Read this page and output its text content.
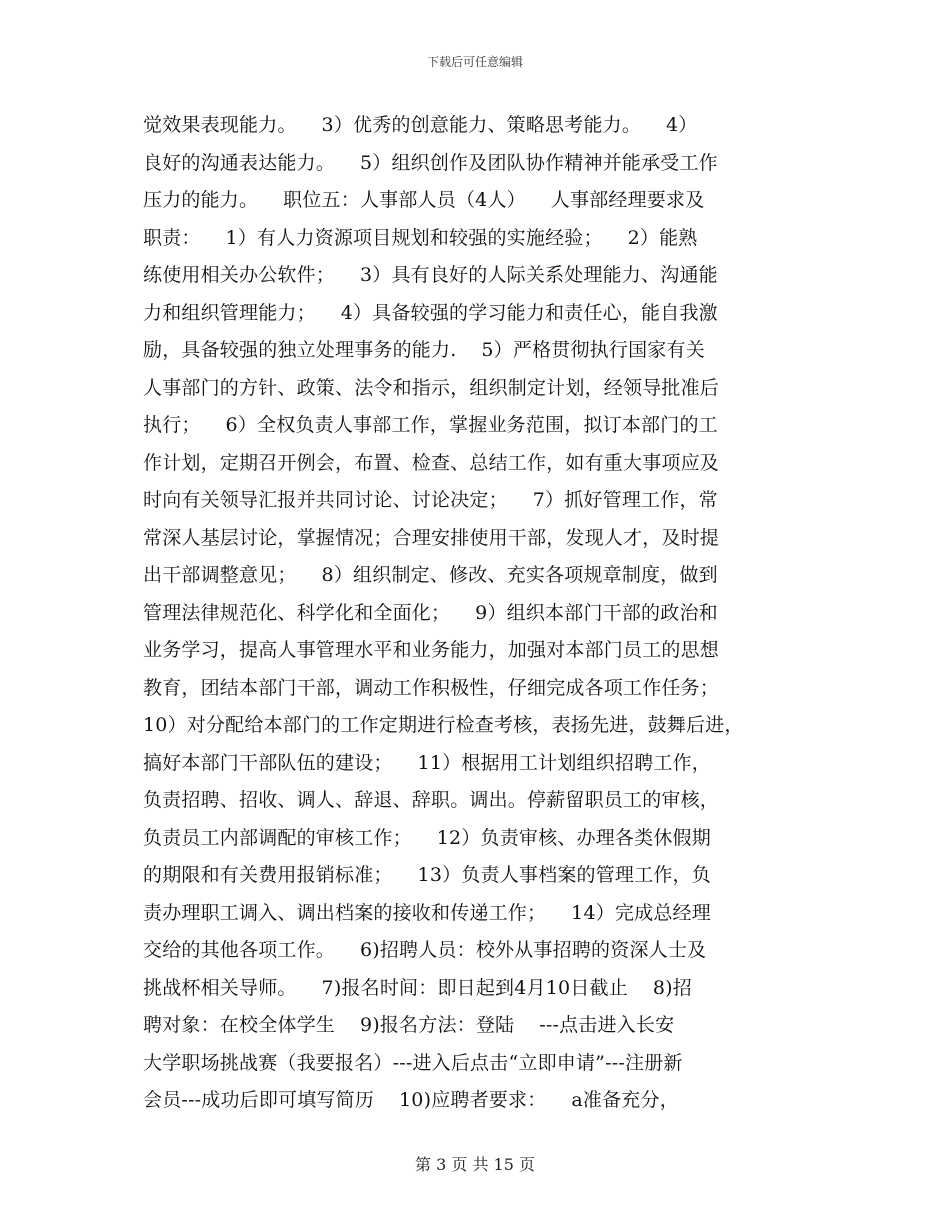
下载后可任意编辑
觉效果表现能力。    3）优秀的创意能力、策略思考能力。    4）
良好的沟通表达能力。    5）组织创作及团队协作精神并能承受工作
压力的能力。    职位五：人事部人员（4人）    人事部经理要求及
职责：    1）有人力资源项目规划和较强的实施经验；    2）能熟
练使用相关办公软件；    3）具有良好的人际关系处理能力、沟通能
力和组织管理能力；    4）具备较强的学习能力和责任心，能自我激
励，具备较强的独立处理事务的能力.    5）严格贯彻执行国家有关
人事部门的方针、政策、法令和指示，组织制定计划，经领导批准后
执行；    6）全权负责人事部工作，掌握业务范围，拟订本部门的工
作计划，定期召开例会，布置、检查、总结工作，如有重大事项应及
时向有关领导汇报并共同讨论、讨论决定；    7）抓好管理工作，常
常深人基层讨论，掌握情况；合理安排使用干部，发现人才，及时提
出干部调整意见；    8）组织制定、修改、充实各项规章制度，做到
管理法律规范化、科学化和全面化；    9）组织本部门干部的政治和
业务学习，提高人事管理水平和业务能力，加强对本部门员工的思想
教育，团结本部门干部，调动工作积极性，仔细完成各项工作任务；
10）对分配给本部门的工作定期进行检查考核，表扬先进，鼓舞后进，
搞好本部门干部队伍的建设；    11）根据用工计划组织招聘工作，
负责招聘、招收、调人、辞退、辞职。调出。停薪留职员工的审核，
负责员工内部调配的审核工作；    12）负责审核、办理各类休假期
的期限和有关费用报销标准；    13）负责人事档案的管理工作，负
责办理职工调入、调出档案的接收和传递工作；    14）完成总经理
交给的其他各项工作。    6)招聘人员：校外从事招聘的资深人士及
挑战杯相关导师。    7)报名时间：即日起到4月10日截止    8)招
聘对象：在校全体学生    9)报名方法：登陆    ---点击进入长安
大学职场挑战赛（我要报名）---进入后点击“立即申请”---注册新
会员---成功后即可填写简历    10)应聘者要求：    a准备充分，
第 3 页 共 15 页
